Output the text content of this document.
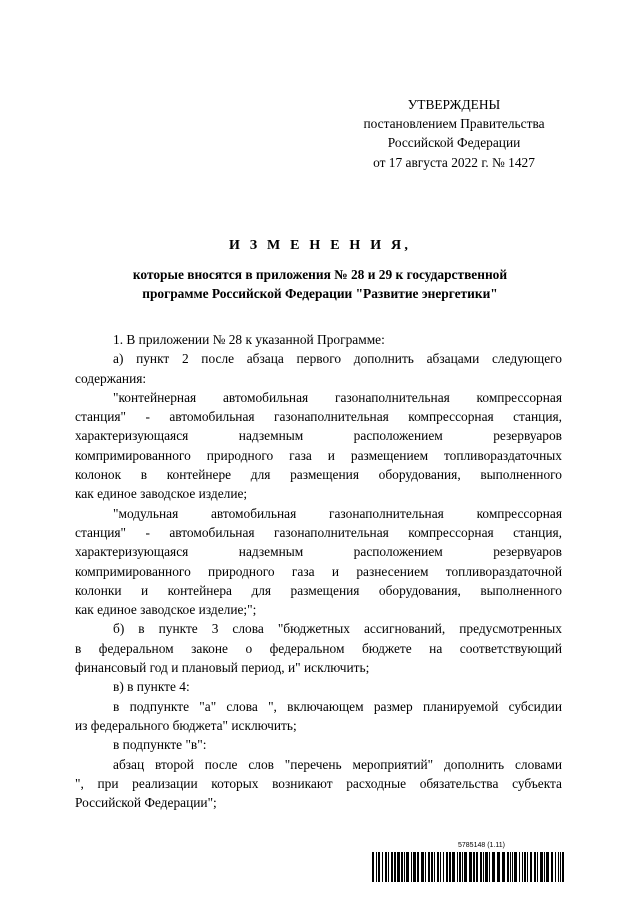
УТВЕРЖДЕНЫ
постановлением Правительства
Российской Федерации
от 17 августа 2022 г. № 1427
И З М Е Н Е Н И Я,
которые вносятся в приложения № 28 и 29 к государственной
программе Российской Федерации "Развитие энергетики"
1. В приложении № 28 к указанной Программе:
а) пункт 2 после абзаца первого дополнить абзацами следующего
содержания:
"контейнерная автомобильная газонаполнительная компрессорная
станция" - автомобильная газонаполнительная компрессорная станция,
характеризующаяся надземным расположением резервуаров
компримированного природного газа и размещением топливораздаточных
колонок в контейнере для размещения оборудования, выполненного
как единое заводское изделие;
"модульная автомобильная газонаполнительная компрессорная
станция" - автомобильная газонаполнительная компрессорная станция,
характеризующаяся надземным расположением резервуаров
компримированного природного газа и разнесением топливораздаточной
колонки и контейнера для размещения оборудования, выполненного
как единое заводское изделие;";
б) в пункте 3 слова "бюджетных ассигнований, предусмотренных
в федеральном законе о федеральном бюджете на соответствующий
финансовый год и плановый период, и" исключить;
в) в пункте 4:
в подпункте "а" слова ", включающем размер планируемой субсидии
из федерального бюджета" исключить;
в подпункте "в":
абзац второй после слов "перечень мероприятий" дополнить словами
", при реализации которых возникают расходные обязательства субъекта
Российской Федерации";
5785148 (1.11)
